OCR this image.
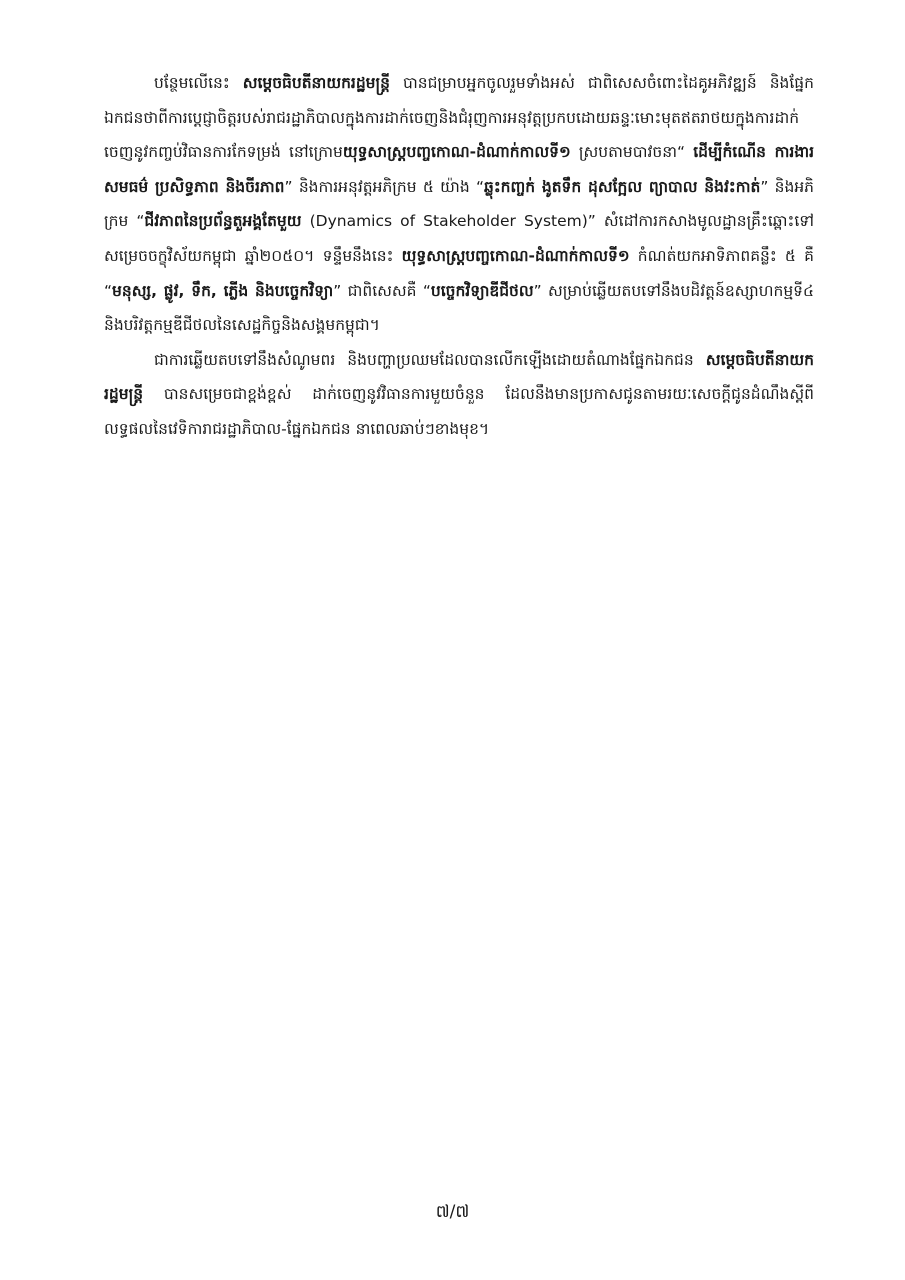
បន្ថែមលើនេះ សម្តេចធិបតីនាយករដ្ឋមន្ត្រី បានជម្រាបអ្នកចូលរួមទាំងអស់ ជាពិសេសចំពោះដៃគូអភិវឌ្ឍន៍ និងផ្នែកឯកជនថាពីការប្តេជ្ញាចិត្តរបស់រាជរដ្ឋាភិបាលក្នុងការដាក់ចេញនិងជំរុញការអនុវត្តប្រកបដោយឆន្ទៈមោះមុតឥតរាថយក្នុងការដាក់ចេញនូវកញ្ចប់វិធានការកែទម្រង់ នៅក្រោមយុទ្ធសាស្ត្របញ្ចកោណ-ដំណាក់កាលទី១ ស្របតាមបាវចនា“ ដើម្បីកំណើន ការងារ សមធម៌ ប្រសិទ្ធភាព និងចីរភាព” និងការអនុវត្តអភិក្រម ៥ យ៉ាង “ឆ្លុះកញ្ចក់ ងូតទឹក ដុសក្អែល ព្យាបាល និងវះកាត់” និងអភិក្រម “ជីវភាពនៃប្រព័ន្ធតួអង្គតែមួយ (Dynamics of Stakeholder System)” សំដៅការកសាងមូលដ្ឋានគ្រឹះឆ្ពោះទៅសម្រេចចក្ខុវិស័យកម្ពុជា ឆ្នាំ២០៥០។ ទន្ទឹមនឹងនេះ យុទ្ធសាស្ត្របញ្ចកោណ-ដំណាក់កាលទី១ កំណត់យកអាទិភាពគន្លឹះ ៥ គឺ “មនុស្ស, ផ្លូវ, ទឹក, ភ្លើង និងបច្ចេកវិទ្យា” ជាពិសេសគឺ “បច្ចេកវិទ្យាឌីជីថល” សម្រាប់ឆ្លើយតបទៅនឹងបដិវត្តន៍ឧស្សាហកម្មទី៤ និងបរិវត្តកម្មឌីជីថលនៃសេដ្ឋកិច្ចនិងសង្គមកម្ពុជា។

ជាការឆ្លើយតបទៅនឹងសំណូមពរ និងបញ្ហាប្រឈមដែលបានលើកឡើងដោយតំណាងផ្នែកឯកជន សម្តេចធិបតីនាយករដ្ឋមន្ត្រី បានសម្រេចជាខ្ពង់ខ្ពស់ ដាក់ចេញនូវវិធានការមួយចំនួន ដែលនឹងមានប្រកាសជូនតាមរយៈសេចក្តីជូនដំណឹងស្តីពីលទ្ធផលនៃវេទិការាជរដ្ឋាភិបាល-ផ្នែកឯកជន នាពេលឆាប់ៗខាងមុខ។

៧/៧
